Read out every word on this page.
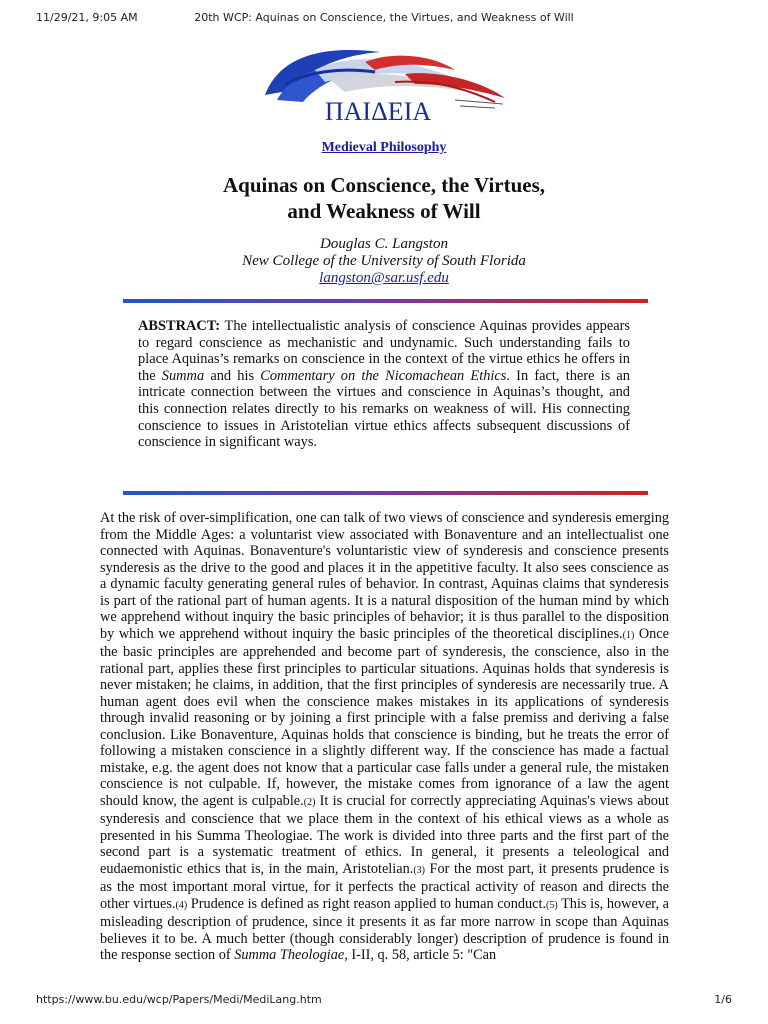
20th WCP: Aquinas on Conscience, the Virtues, and Weakness of Will
11/29/21, 9:05 AM
ΠΑΙΔΕΙΑ
Medieval Philosophy
Aquinas on Conscience, the Virtues,
and Weakness of Will
Douglas C. Langston
New College of the University of South Florida
langston@sar.usf.edu

ABSTRACT: The intellectualistic analysis of conscience Aquinas provides appears to regard conscience as mechanistic and undynamic. Such understanding fails to place Aquinas’s remarks on conscience in the context of the virtue ethics he offers in the Summa and his Commentary on the Nicomachean Ethics. In fact, there is an intricate connection between the virtues and conscience in Aquinas’s thought, and this connection relates directly to his remarks on weakness of will. His connecting conscience to issues in Aristotelian virtue ethics affects subsequent discussions of conscience in significant ways.

At the risk of over-simplification, one can talk of two views of conscience and synderesis emerging from the Middle Ages: a voluntarist view associated with Bonaventure and an intellectualist one connected with Aquinas. Bonaventure's voluntaristic view of synderesis and conscience presents synderesis as the drive to the good and places it in the appetitive faculty. It also sees conscience as a dynamic faculty generating general rules of behavior. In contrast, Aquinas claims that synderesis is part of the rational part of human agents. It is a natural disposition of the human mind by which we apprehend without inquiry the basic principles of behavior; it is thus parallel to the disposition by which we apprehend without inquiry the basic principles of the theoretical disciplines.(1) Once the basic principles are apprehended and become part of synderesis, the conscience, also in the rational part, applies these first principles to particular situations. Aquinas holds that synderesis is never mistaken; he claims, in addition, that the first principles of synderesis are necessarily true. A human agent does evil when the conscience makes mistakes in its applications of synderesis through invalid reasoning or by joining a first principle with a false premiss and deriving a false conclusion. Like Bonaventure, Aquinas holds that conscience is binding, but he treats the error of following a mistaken conscience in a slightly different way. If the conscience has made a factual mistake, e.g. the agent does not know that a particular case falls under a general rule, the mistaken conscience is not culpable. If, however, the mistake comes from ignorance of a law the agent should know, the agent is culpable.(2) It is crucial for correctly appreciating Aquinas's views about synderesis and conscience that we place them in the context of his ethical views as a whole as presented in his Summa Theologiae. The work is divided into three parts and the first part of the second part is a systematic treatment of ethics. In general, it presents a teleological and eudaemonistic ethics that is, in the main, Aristotelian.(3) For the most part, it presents prudence is as the most important moral virtue, for it perfects the practical activity of reason and directs the other virtues.(4) Prudence is defined as right reason applied to human conduct.(5) This is, however, a misleading description of prudence, since it presents it as far more narrow in scope than Aquinas believes it to be. A much better (though considerably longer) description of prudence is found in the response section of Summa Theologiae, I-II, q. 58, article 5: "Can

https://www.bu.edu/wcp/Papers/Medi/MediLang.htm	1/6
